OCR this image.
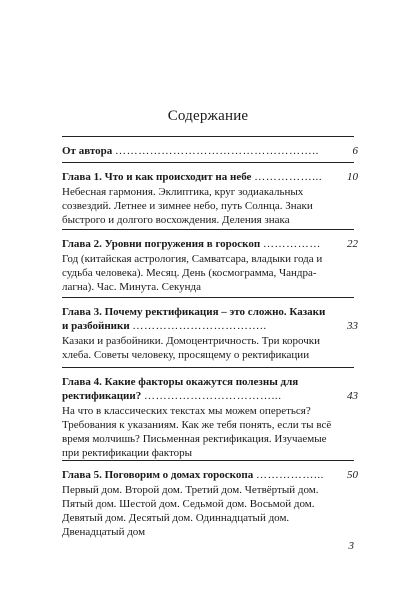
Содержание
От автора ……………………………………………..	6
Глава 1. Что и как происходит на небе ……………...	10
Небесная гармония. Эклиптика, круг зодиакальных созвездий. Летнее и зимнее небо, путь Солнца. Знаки быстрого и долгого восхождения. Деления знака
Глава 2. Уровни погружения в гороскоп ……………	22
Год (китайская астрология, Самватсара, владыки года и судьба человека). Месяц. День (космограмма, Чандра-лагна). Час. Минута. Секунда
Глава 3. Почему ректификация – это сложно. Казаки и разбойники ……………………………..	33
Казаки и разбойники. Домоцентричность. Три корочки хлеба. Советы человеку, просящему о ректификации
Глава 4. Какие факторы окажутся полезны для ректификации? ……………………………...	43
На что в классических текстах мы можем опереться? Требования к указаниям. Как же тебя понять, если ты всё время молчишь? Письменная ректификация. Изучаемые при ректификации факторы
Глава 5. Поговорим о домах гороскопа ……………...	50
Первый дом. Второй дом. Третий дом. Четвёртый дом. Пятый дом. Шестой дом. Седьмой дом. Восьмой дом. Девятый дом. Десятый дом. Одиннадцатый дом. Двенадцатый дом
3
